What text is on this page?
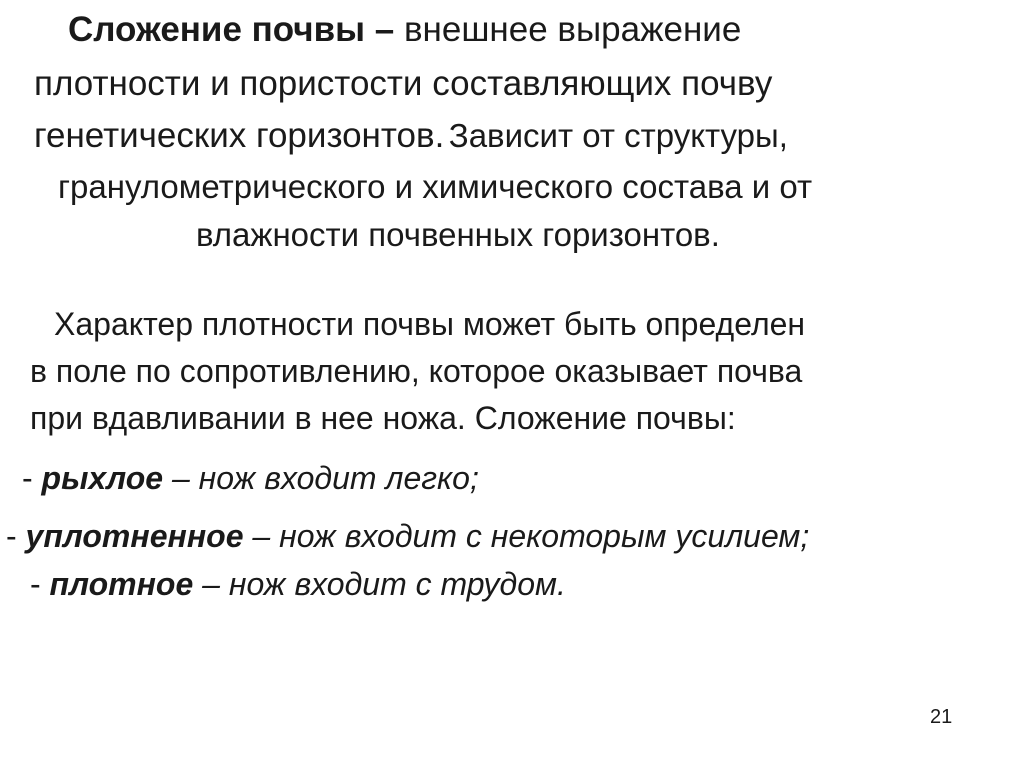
Сложение почвы – внешнее выражение
плотности и пористости составляющих почву
генетических горизонтов. Зависит от структуры,
гранулометрического и химического состава и от
влажности почвенных горизонтов.
Характер плотности почвы может быть определен
в поле по сопротивлению, которое оказывает почва
при вдавливании в нее ножа. Сложение почвы:
- рыхлое – нож входит легко;
- уплотненное – нож входит с некоторым усилием;
- плотное – нож входит с трудом.
21
